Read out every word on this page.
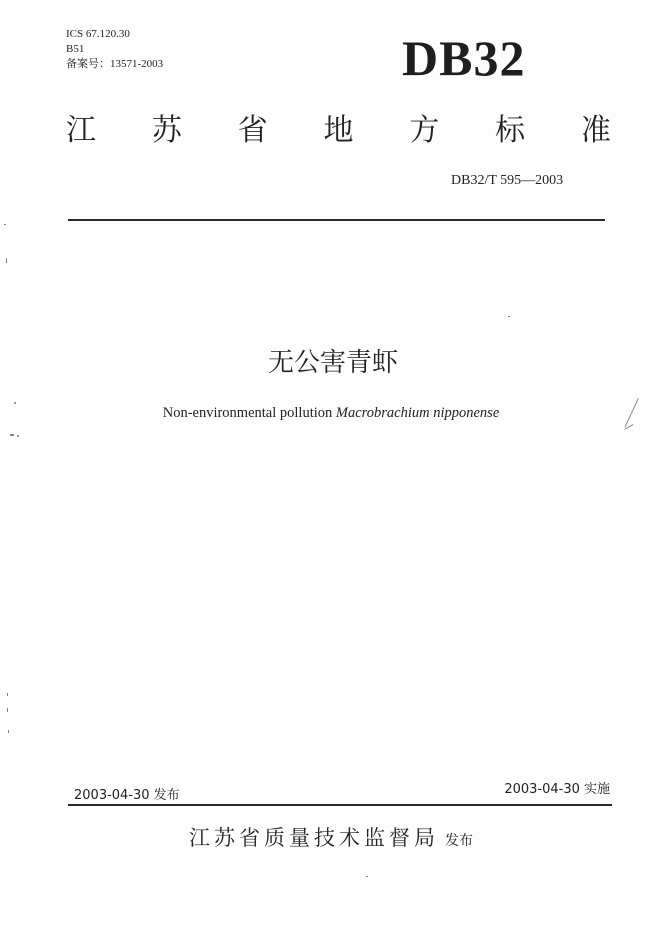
ICS 67.120.30
B51
备案号：13571-2003	DB32
江 苏 省 地 方 标 准
DB32/T 595—2003
无公害青虾
Non-environmental pollution Macrobrachium nipponense
2003-04-30 发布	2003-04-30 实施
江苏省质量技术监督局 发布
